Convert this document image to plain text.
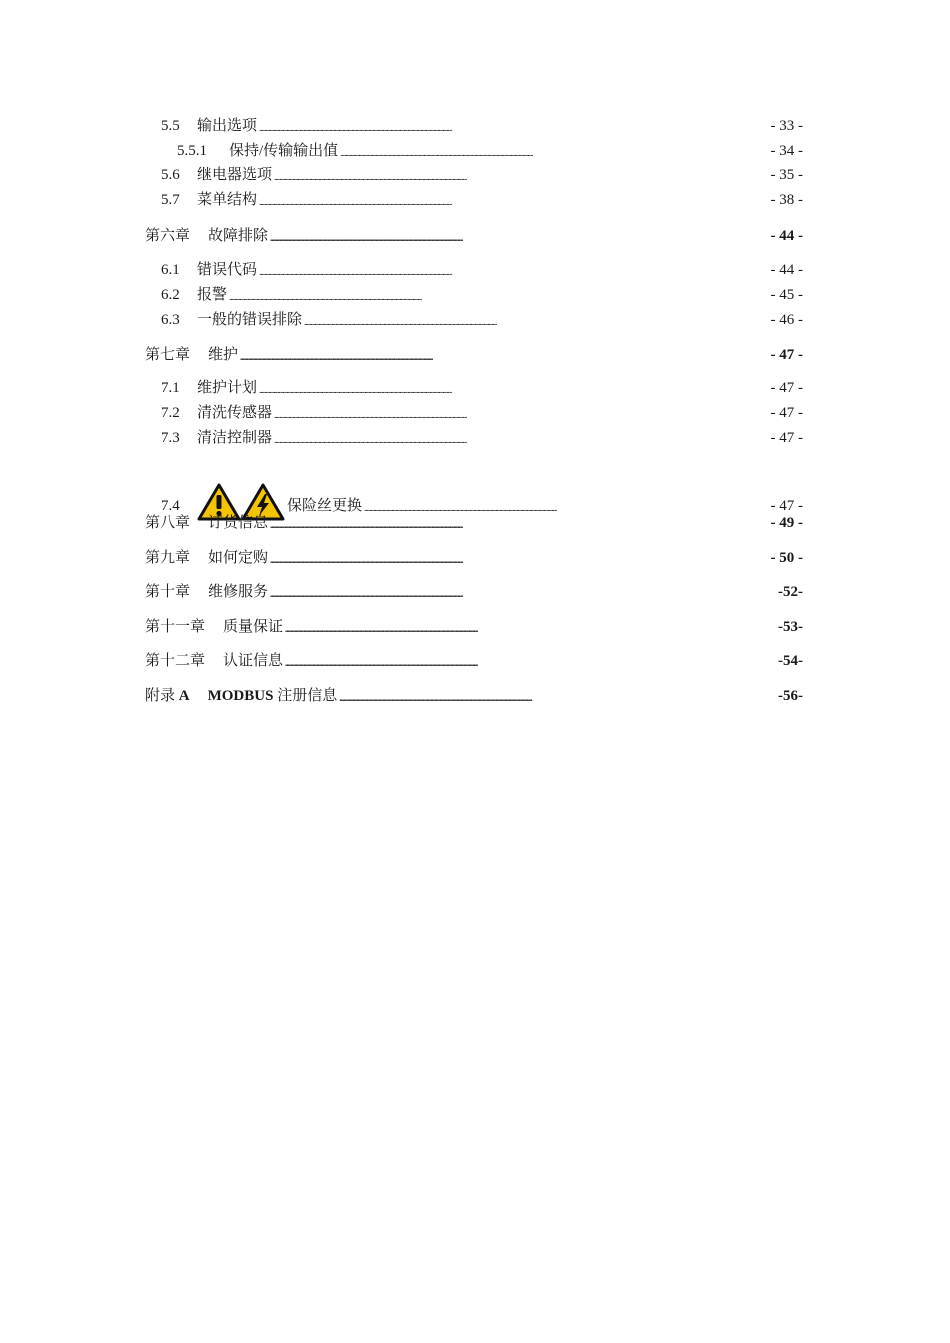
5.5	输出选项 . . .	- 33 -
5.5.1	保持/传输输出值 . . .	- 34 -
5.6	继电器选项 . . .	- 35 -
5.7	菜单结构 . . .	- 38 -
第六章 故障排除 . . .	- 44 -
6.1	错误代码 . . .	- 44 -
6.2	报警 . . .	- 45 -
6.3	一般的错误排除 . . .	- 46 -
第七章 维护 . . .	- 47 -
7.1	维护计划 . . .	- 47 -
7.2	清洗传感器 . . .	- 47 -
7.3	清洁控制器 . . .	- 47 -
7.4	保险丝更换 . . .	- 47 -
第八章 订货信息 . . .	- 49 -
第九章 如何定购 . . .	- 50 -
第十章 维修服务 . . .	-52-
第十一章 质量保证 . . .	-53-
第十二章 认证信息 . . .	-54-
附录 A MODBUS 注册信息 . . .	-56-
